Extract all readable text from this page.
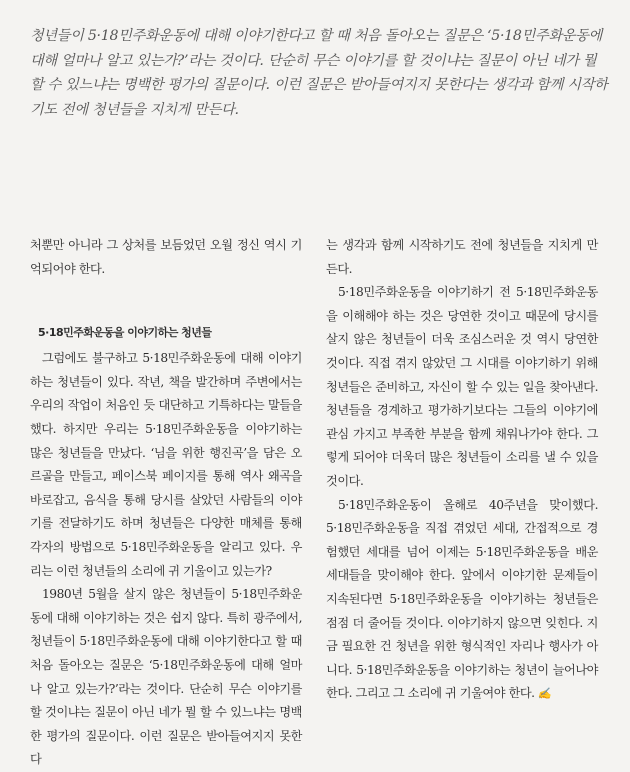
청년들이 5·18민주화운동에 대해 이야기한다고 할 때 처음 돌아오는 질문은 ‘5·18민주화운동에 대해 얼마나 알고 있는가?’라는 것이다. 단순히 무슨 이야기를 할 것이냐는 질문이 아닌 네가 뭘 할 수 있느냐는 명백한 평가의 질문이다. 이런 질문은 받아들여지지 못한다는 생각과 함께 시작하기도 전에 청년들을 지치게 만든다.

처뿐만 아니라 그 상처를 보듬었던 오월 정신 역시 기억되어야 한다.

5·18민주화운동을 이야기하는 청년들

그럼에도 불구하고 5·18민주화운동에 대해 이야기하는 청년들이 있다. 작년, 책을 발간하며 주변에서는 우리의 작업이 처음인 듯 대단하고 기특하다는 말들을 했다. 하지만 우리는 5·18민주화운동을 이야기하는 많은 청년들을 만났다. ‘님을 위한 행진곡’을 담은 오르골을 만들고, 페이스북 페이지를 통해 역사 왜곡을 바로잡고, 음식을 통해 당시를 살았던 사람들의 이야기를 전달하기도 하며 청년들은 다양한 매체를 통해 각자의 방법으로 5·18민주화운동을 알리고 있다. 우리는 이런 청년들의 소리에 귀 기울이고 있는가?

1980년 5월을 살지 않은 청년들이 5·18민주화운동에 대해 이야기하는 것은 쉽지 않다. 특히 광주에서, 청년들이 5·18민주화운동에 대해 이야기한다고 할 때 처음 돌아오는 질문은 ‘5·18민주화운동에 대해 얼마나 알고 있는가?’라는 것이다. 단순히 무슨 이야기를 할 것이냐는 질문이 아닌 네가 뭘 할 수 있느냐는 명백한 평가의 질문이다. 이런 질문은 받아들여지지 못한다

는 생각과 함께 시작하기도 전에 청년들을 지치게 만든다.

5·18민주화운동을 이야기하기 전 5·18민주화운동을 이해해야 하는 것은 당연한 것이고 때문에 당시를 살지 않은 청년들이 더욱 조심스러운 것 역시 당연한 것이다. 직접 겪지 않았던 그 시대를 이야기하기 위해 청년들은 준비하고, 자신이 할 수 있는 일을 찾아낸다. 청년들을 경계하고 평가하기보다는 그들의 이야기에 관심 가지고 부족한 부분을 함께 채워나가야 한다. 그렇게 되어야 더욱더 많은 청년들이 소리를 낼 수 있을 것이다.

5·18민주화운동이 올해로 40주년을 맞이했다. 5·18민주화운동을 직접 겪었던 세대, 간접적으로 경험했던 세대를 넘어 이제는 5·18민주화운동을 배운 세대들을 맞이해야 한다. 앞에서 이야기한 문제들이 지속된다면 5·18민주화운동을 이야기하는 청년들은 점점 더 줄어들 것이다. 이야기하지 않으면 잊힌다. 지금 필요한 건 청년을 위한 형식적인 자리나 행사가 아니다. 5·18민주화운동을 이야기하는 청년이 늘어나야 한다. 그리고 그 소리에 귀 기울여야 한다. ✍
